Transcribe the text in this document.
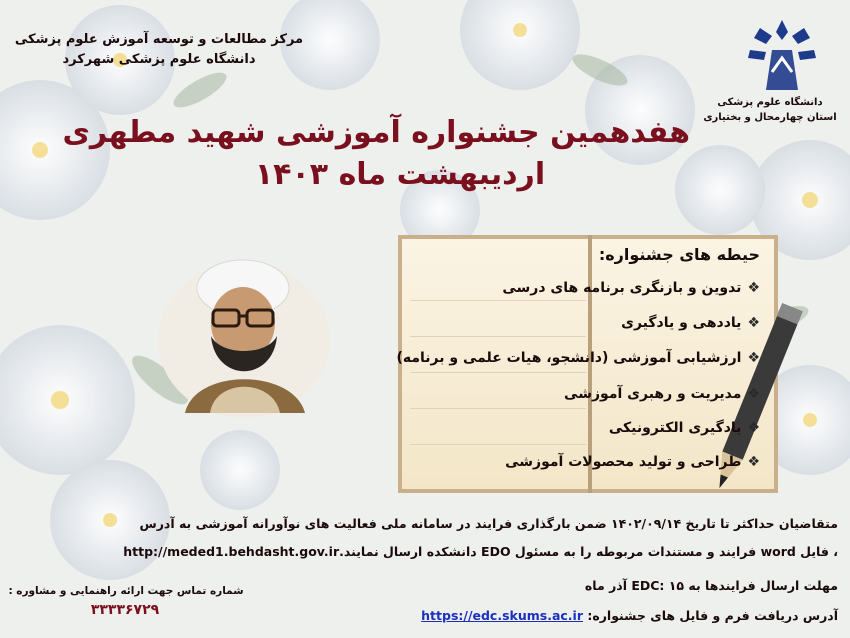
مرکز مطالعات و توسعه آموزش علوم پزشکی
دانشگاه علوم پزشکی شهرکرد
دانشگاه علوم پزشکی
استان چهارمحال و بختیاری
هفدهمین جشنواره آموزشی شهید مطهری
اردیبهشت ماه ۱۴۰۳
حیطه های جشنواره:
❖تدوین و بازنگری برنامه های درسی
❖یاددهی و یادگیری
❖ارزشیابی آموزشی (دانشجو، هیات علمی و برنامه)
❖مدیریت و رهبری آموزشی
❖یادگیری الکترونیکی
❖طراحی و تولید محصولات آموزشی
متقاضیان حداکثر تا تاریخ ۱۴۰۲/۰۹/۱۴ ضمن بارگذاری فرایند در سامانه ملی فعالیت های نوآورانه آموزشی به آدرس
، فایل word فرایند و مستندات مربوطه را به مسئول EDO دانشکده ارسال نمایند.http://meded1.behdasht.gov.ir
مهلت ارسال فرایندها به EDC: ۱۵ آذر ماه
آدرس دریافت فرم و فایل های جشنواره: https://edc.skums.ac.ir
شماره تماس جهت ارائه راهنمایی و مشاوره :
۳۳۳۳۶۷۲۹
